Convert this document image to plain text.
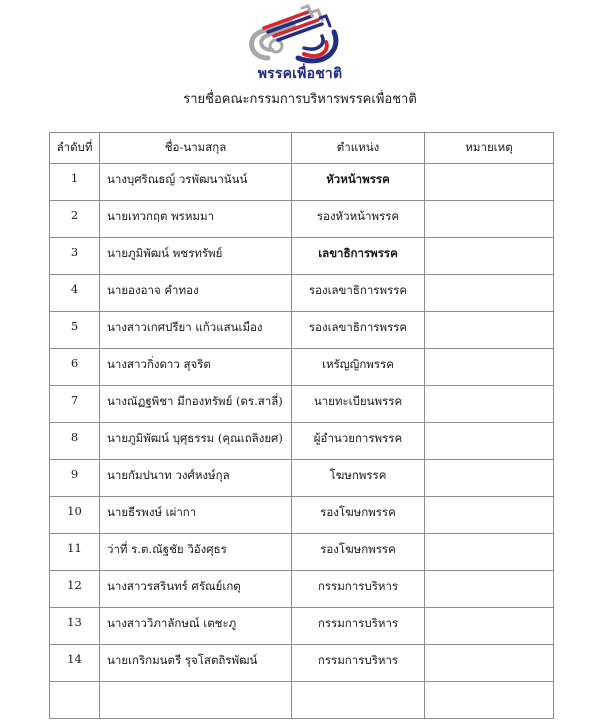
พรรคเพื่อชาติ
รายชื่อคณะกรรมการบริหารพรรคเพื่อชาติ
ลำดับที่	ชื่อ-นามสกุล	ตำแหน่ง	หมายเหตุ
1	นางบุศริณธญ์ วรพัฒนานันน์	หัวหน้าพรรค	
2	นายเทวกฤต พรหมมา	รองหัวหน้าพรรค	
3	นายภูมิพัฒน์ พชรทรัพย์	เลขาธิการพรรค	
4	นายองอาจ คำทอง	รองเลขาธิการพรรค	
5	นางสาวเกศปรียา แก้วแสนเมือง	รองเลขาธิการพรรค	
6	นางสาวกิ่งดาว สุจริต	เหรัญญิกพรรค	
7	นางณัฏฐพิชา มีกองทรัพย์ (ดร.สาลี่)	นายทะเบียนพรรค	
8	นายภูมิพัฒน์ บุศุธรรม (คุณเถลิงยศ)	ผู้อำนวยการพรรค	
9	นายกัมปนาท วงศ์หงษ์กุล	โฆษกพรรค	
10	นายธีรพงษ์ เผ่ากา	รองโฆษกพรรค	
11	ว่าที่ ร.ต.ณัฐชัย วิอังศุธร	รองโฆษกพรรค	
12	นางสาวรสรินทร์ ศรัณย์เกตุ	กรรมการบริหาร	
13	นางสาววิภาลักษณ์ เตชะภู	กรรมการบริหาร	
14	นายเกริกมนตรี รุจโสตถิรพัฒน์	กรรมการบริหาร	
